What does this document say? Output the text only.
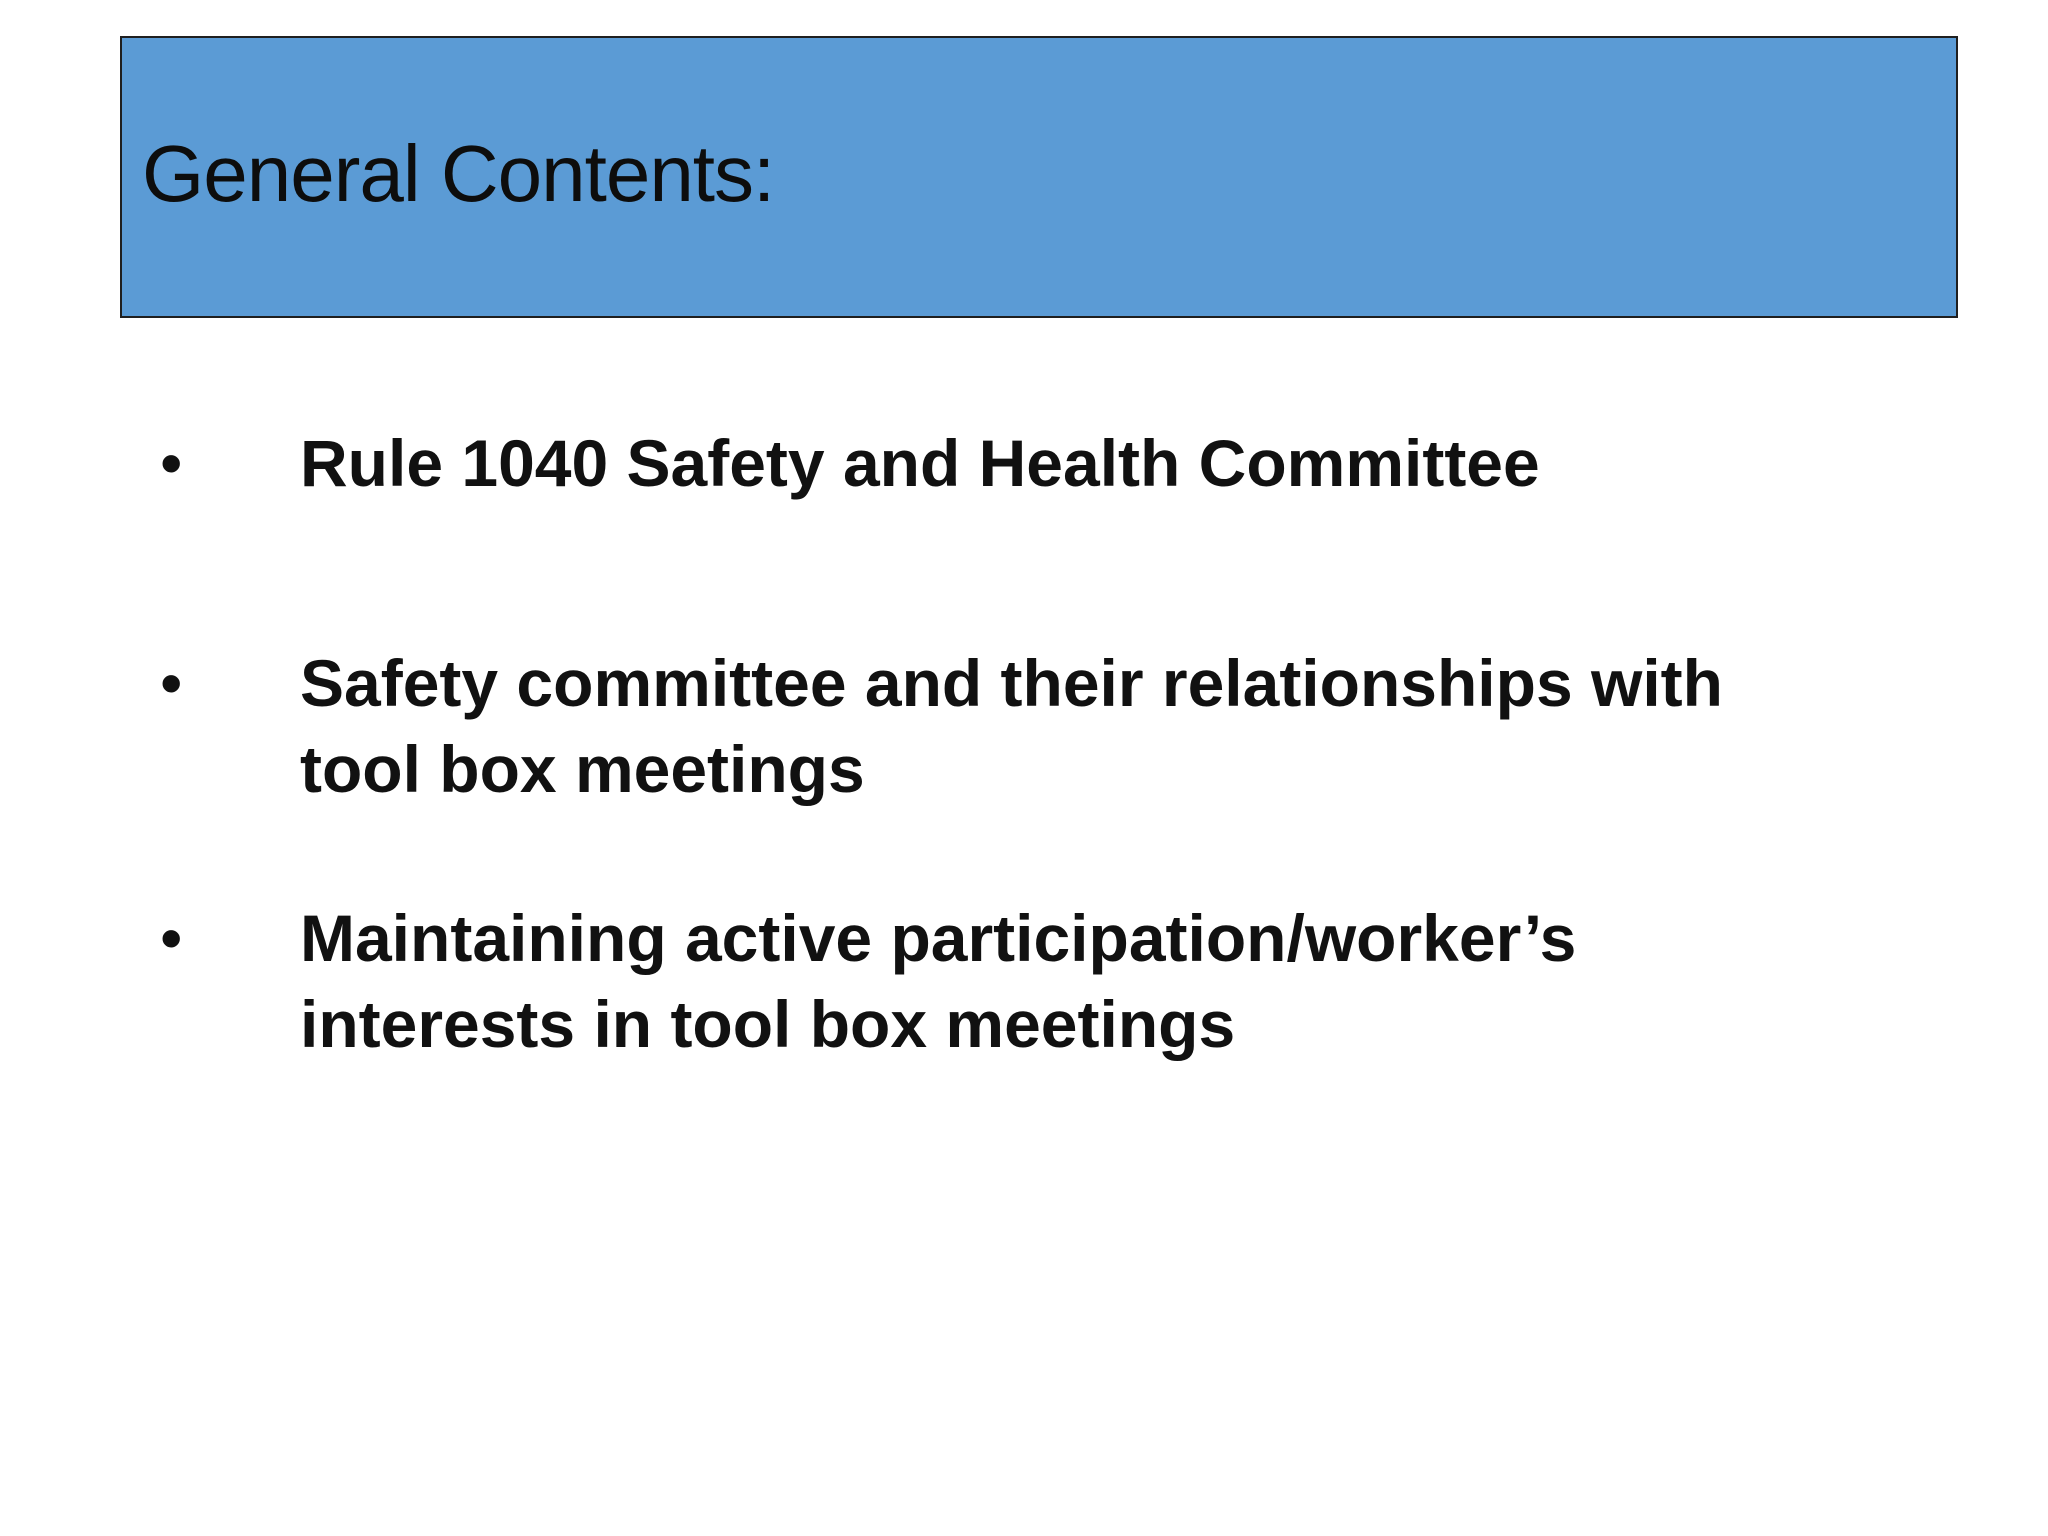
General Contents:
• Rule 1040 Safety and Health Committee
• Safety committee and their relationships with
tool box meetings
• Maintaining active participation/worker’s
interests in tool box meetings
